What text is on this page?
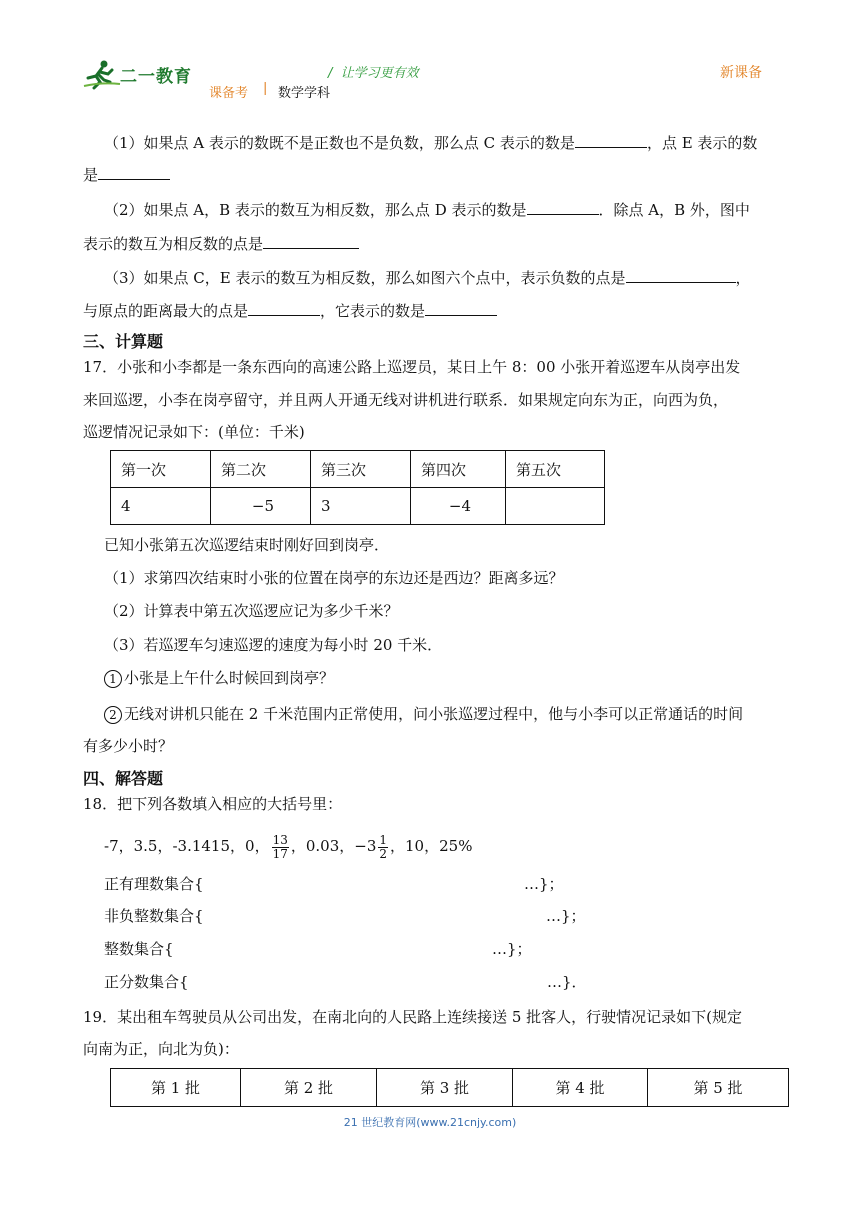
二一教育	/ 让学习更有效
课备考 | 数学学科
新课备
（1）如果点 A 表示的数既不是正数也不是负数，那么点 C 表示的数是	，点 E 表示的数
是
（2）如果点 A，B 表示的数互为相反数，那么点 D 表示的数是	．除点 A，B 外，图中
表示的数互为相反数的点是
（3）如果点 C，E 表示的数互为相反数，那么如图六个点中，表示负数的点是	，
与原点的距离最大的点是	，它表示的数是
三、计算题
17．小张和小李都是一条东西向的高速公路上巡逻员，某日上午 8：00 小张开着巡逻车从岗亭出发
来回巡逻，小李在岗亭留守，并且两人开通无线对讲机进行联系．如果规定向东为正，向西为负，
巡逻情况记录如下：(单位：千米)
第一次	第二次	第三次	第四次	第五次
4	−5	3	−4	
已知小张第五次巡逻结束时刚好回到岗亭．
（1）求第四次结束时小张的位置在岗亭的东边还是西边？距离多远？
（2）计算表中第五次巡逻应记为多少千米？
（3）若巡逻车匀速巡逻的速度为每小时 20 千米．
1 小张是上午什么时候回到岗亭？
2 无线对讲机只能在 2 千米范围内正常使用，问小张巡逻过程中，他与小李可以正常通话的时间
有多少小时？
四、解答题
18．把下列各数填入相应的大括号里：
-7，3.5，-3.1415，0， $\frac{13}{17}$ ，0.03，$-3 \frac{1}{2}$ ，10，25%
正有理数集合{	…}；
非负整数集合{	…}；
整数集合{	…}；
正分数集合{	…}．
19．某出租车驾驶员从公司出发，在南北向的人民路上连续接送 5 批客人，行驶情况记录如下(规定
向南为正，向北为负)：
第 1 批	第 2 批	第 3 批	第 4 批	第 5 批
21 世纪教育网(www.21cnjy.com)
